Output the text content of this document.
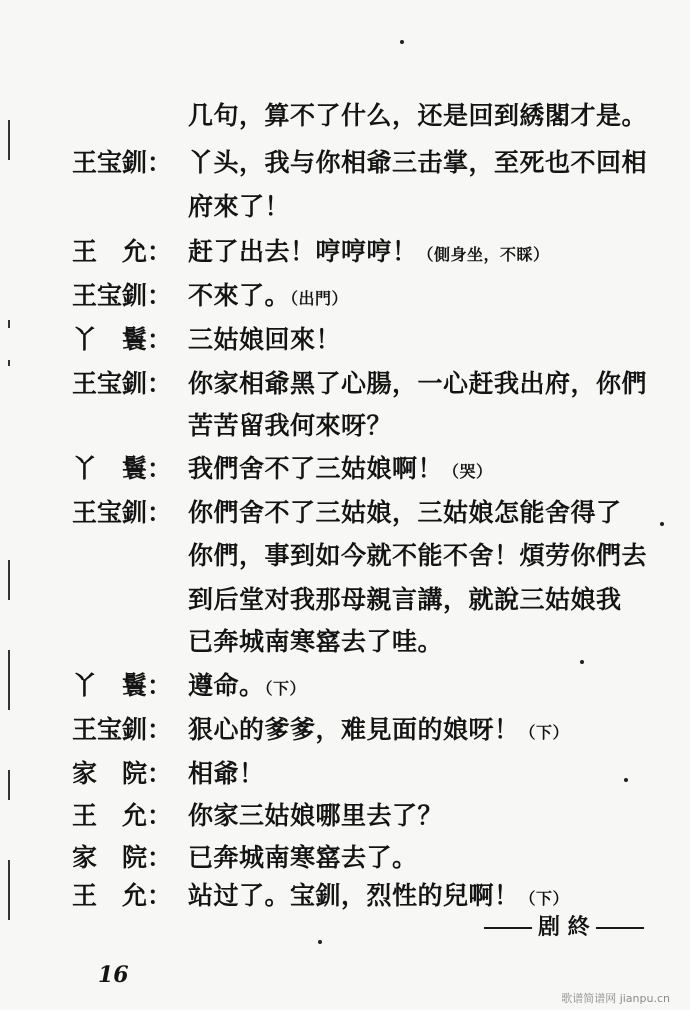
几句，算不了什么，还是回到綉閣才是。
王宝釧： 丫头，我与你相爺三击掌，至死也不回相
府來了！
王　允： 赶了出去！哼哼哼！（側身坐，不睬）
王宝釧： 不來了。（出門）
丫　鬟： 三姑娘回來！
王宝釧： 你家相爺黑了心腸，一心赶我出府，你們
苦苦留我何來呀？
丫　鬟： 我們舍不了三姑娘啊！（哭）
王宝釧： 你們舍不了三姑娘，三姑娘怎能舍得了
你們，事到如今就不能不舍！煩劳你們去
到后堂对我那母親言講，就說三姑娘我
已奔城南寒窰去了哇。
丫　鬟： 遵命。（下）
王宝釧： 狠心的爹爹，难見面的娘呀！（下）
家　院： 相爺！
王　允： 你家三姑娘哪里去了？
家　院： 已奔城南寒窰去了。
王　允： 站过了。宝釧，烈性的兒啊！（下）
剧 終
16
歌谱简谱网 jianpu.cn
